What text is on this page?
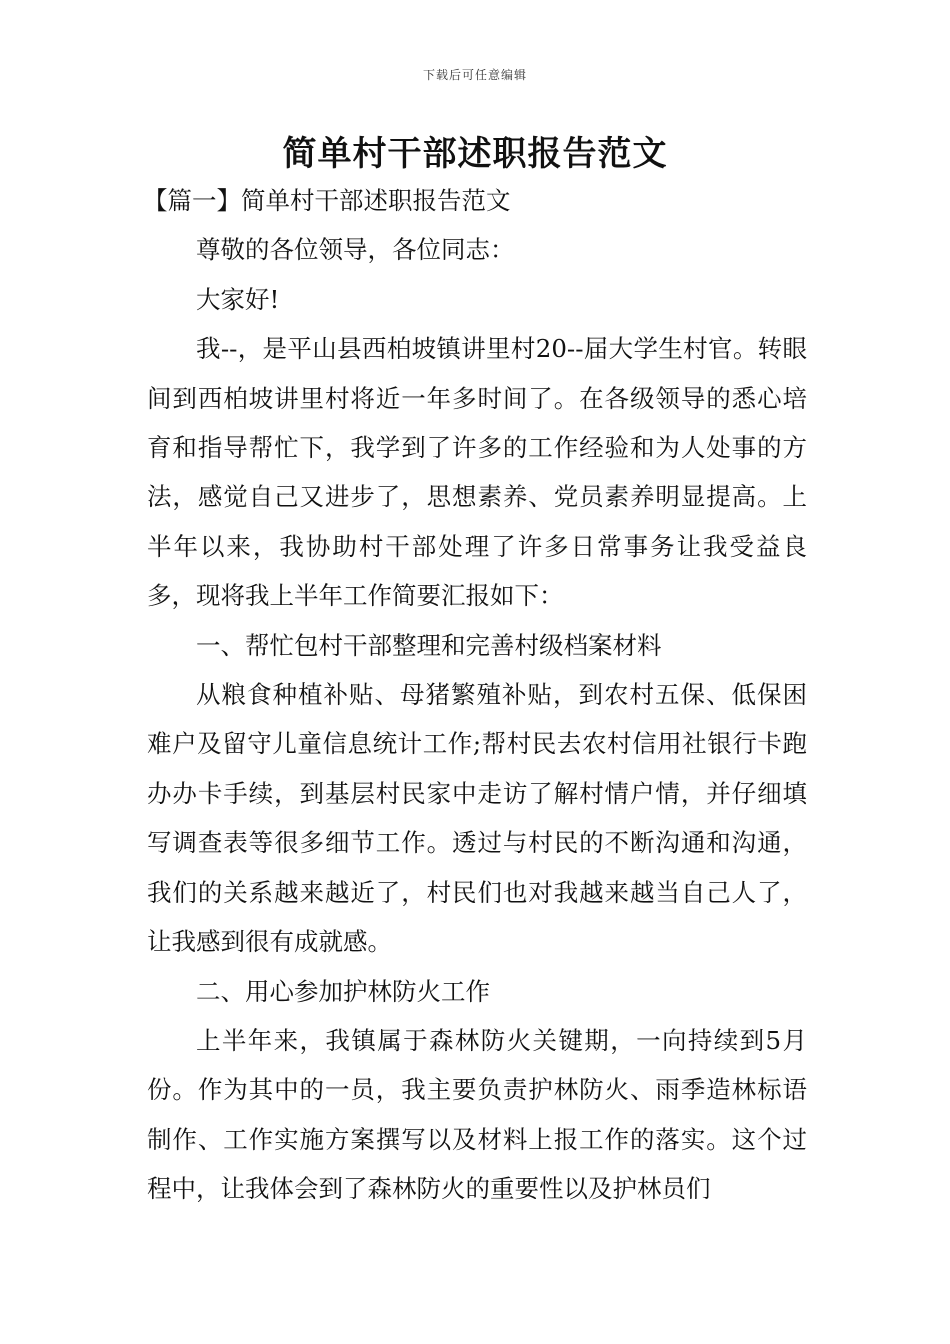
下载后可任意编辑
简单村干部述职报告范文

【篇一】简单村干部述职报告范文

尊敬的各位领导，各位同志：

大家好!

我--，是平山县西柏坡镇讲里村20--届大学生村官。转眼间到西柏坡讲里村将近一年多时间了。在各级领导的悉心培育和指导帮忙下，我学到了许多的工作经验和为人处事的方法，感觉自己又进步了，思想素养、党员素养明显提高。上半年以来，我协助村干部处理了许多日常事务让我受益良多，现将我上半年工作简要汇报如下：

一、帮忙包村干部整理和完善村级档案材料

从粮食种植补贴、母猪繁殖补贴，到农村五保、低保困难户及留守儿童信息统计工作;帮村民去农村信用社银行卡跑办办卡手续，到基层村民家中走访了解村情户情，并仔细填写调查表等很多细节工作。透过与村民的不断沟通和沟通，我们的关系越来越近了，村民们也对我越来越当自己人了，让我感到很有成就感。

二、用心参加护林防火工作

上半年来，我镇属于森林防火关键期，一向持续到5月份。作为其中的一员，我主要负责护林防火、雨季造林标语制作、工作实施方案撰写以及材料上报工作的落实。这个过程中，让我体会到了森林防火的重要性以及护林员们
